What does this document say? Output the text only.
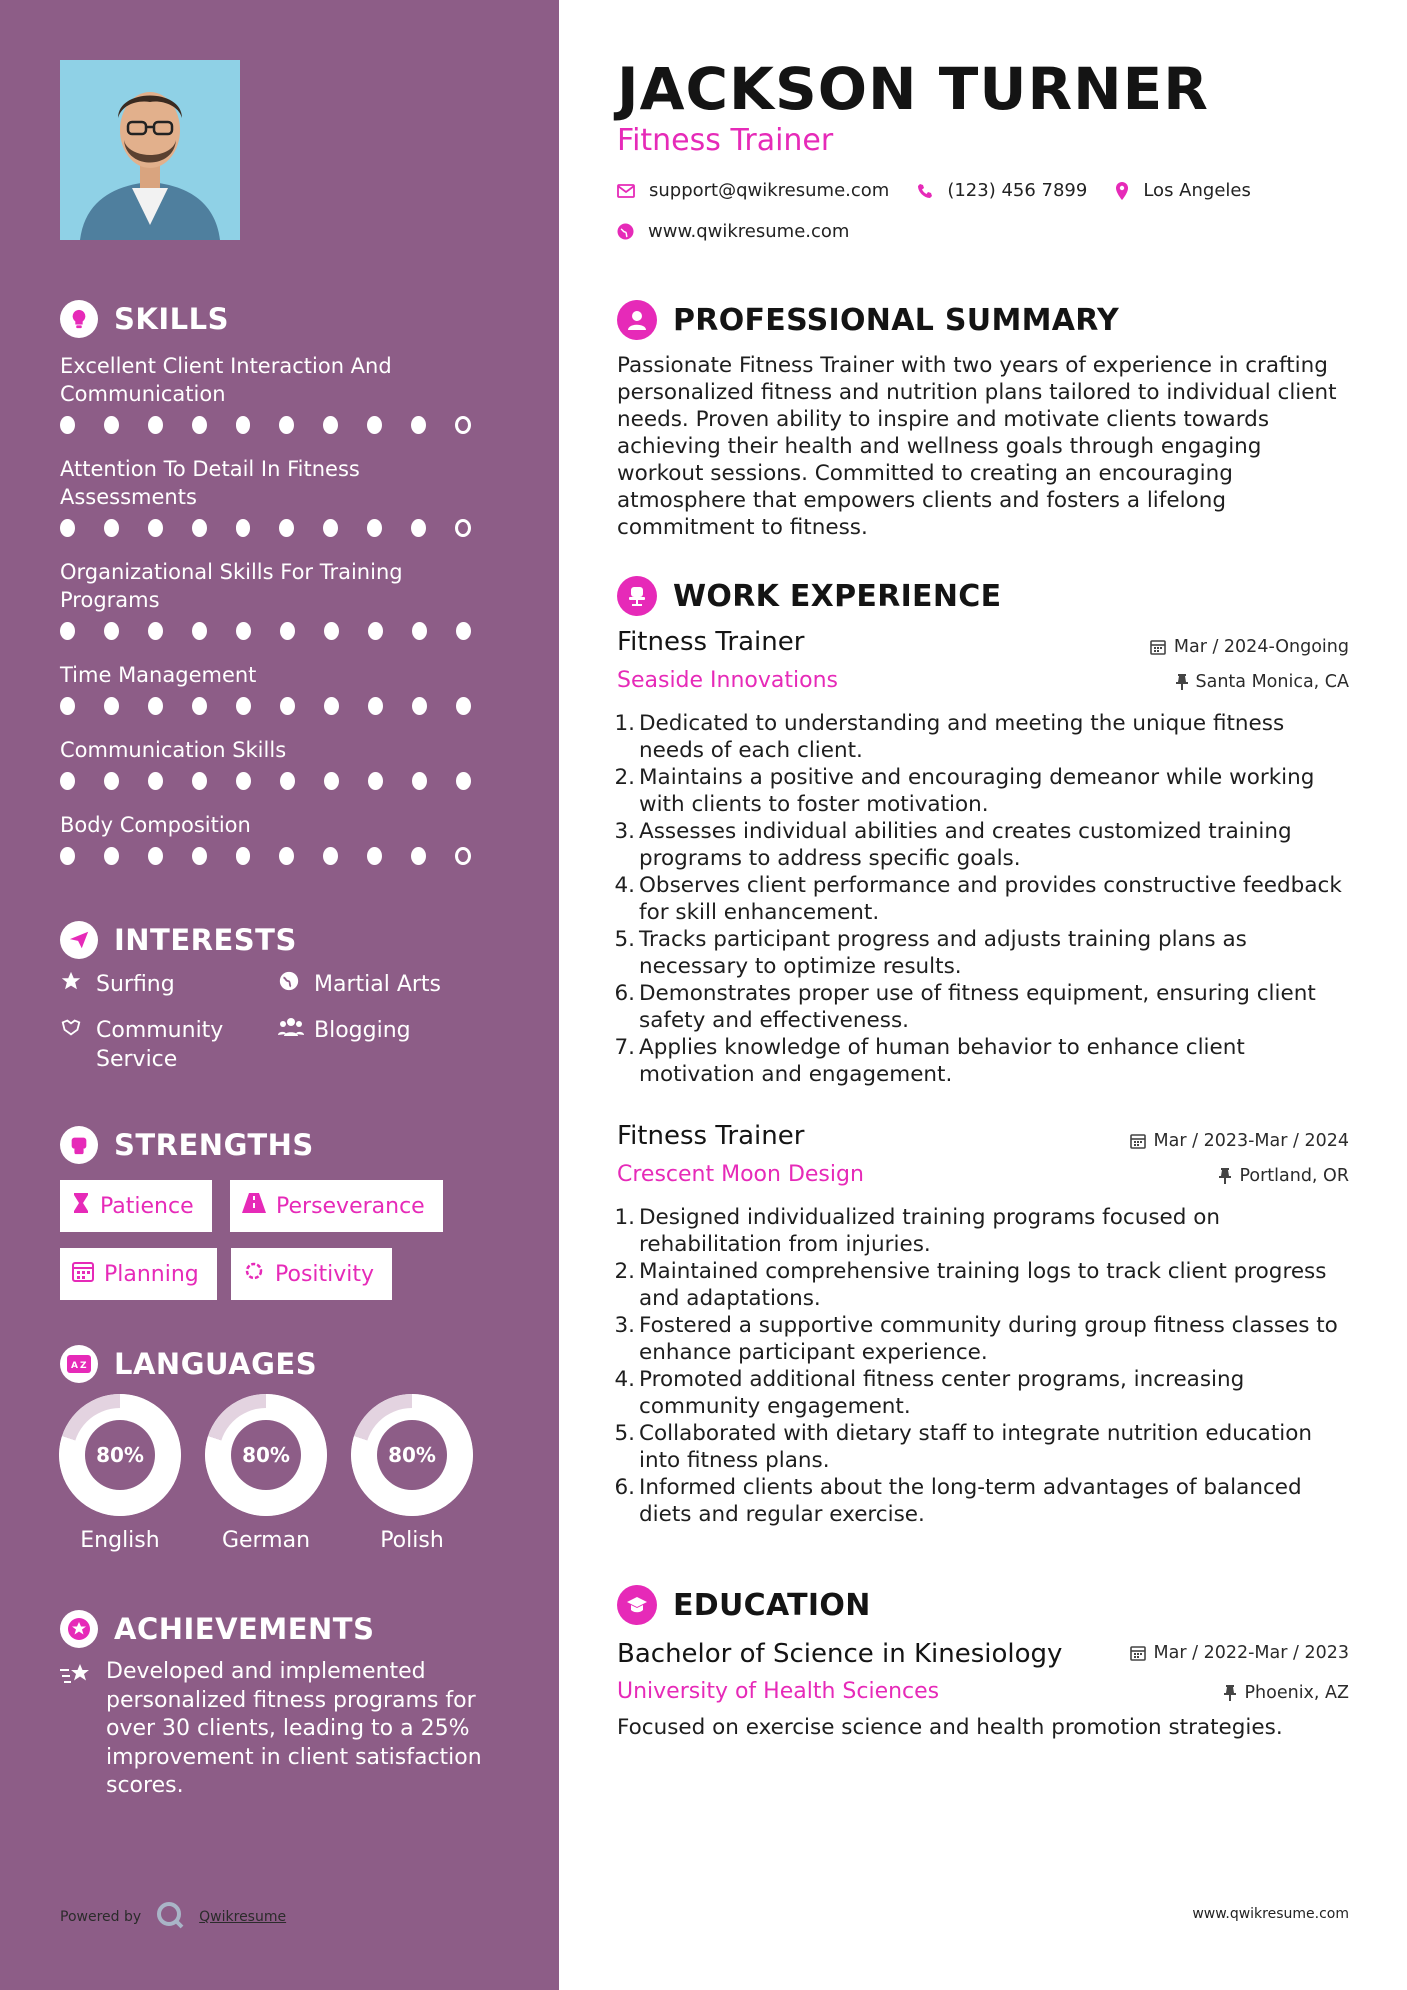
SKILLS
Excellent Client Interaction And Communication
Attention To Detail In Fitness Assessments
Organizational Skills For Training Programs
Time Management
Communication Skills
Body Composition
INTERESTS
Surfing	Martial Arts
Community Service
Blogging
STRENGTHS
Patience	Perseverance
Planning	Positivity
A Z LANGUAGES
80%
English
80%
German
80%
Polish
ACHIEVEMENTS
Developed and implemented personalized fitness programs for over 30 clients, leading to a 25% improvement in client satisfaction scores.
Powered by	Qwikresume
JACKSON TURNER
Fitness Trainer
support@qwikresume.com	(123) 456 7899	Los Angeles
www.qwikresume.com
PROFESSIONAL SUMMARY
Passionate Fitness Trainer with two years of experience in crafting personalized fitness and nutrition plans tailored to individual client needs. Proven ability to inspire and motivate clients towards achieving their health and wellness goals through engaging workout sessions. Committed to creating an encouraging atmosphere that empowers clients and fosters a lifelong commitment to fitness.
WORK EXPERIENCE
Fitness Trainer	Mar / 2024-Ongoing
Seaside Innovations	Santa Monica, CA
1. Dedicated to understanding and meeting the unique fitness needs of each client.
2. Maintains a positive and encouraging demeanor while working with clients to foster motivation.
3. Assesses individual abilities and creates customized training programs to address specific goals.
4. Observes client performance and provides constructive feedback for skill enhancement.
5. Tracks participant progress and adjusts training plans as necessary to optimize results.
6. Demonstrates proper use of fitness equipment, ensuring client safety and effectiveness.
7. Applies knowledge of human behavior to enhance client motivation and engagement.
Fitness Trainer	Mar / 2023-Mar / 2024
Crescent Moon Design	Portland, OR
1. Designed individualized training programs focused on rehabilitation from injuries.
2. Maintained comprehensive training logs to track client progress and adaptations.
3. Fostered a supportive community during group fitness classes to enhance participant experience.
4. Promoted additional fitness center programs, increasing community engagement.
5. Collaborated with dietary staff to integrate nutrition education into fitness plans.
6. Informed clients about the long-term advantages of balanced diets and regular exercise.
EDUCATION
Bachelor of Science in Kinesiology	Mar / 2022-Mar / 2023
University of Health Sciences	Phoenix, AZ
Focused on exercise science and health promotion strategies.
www.qwikresume.com
